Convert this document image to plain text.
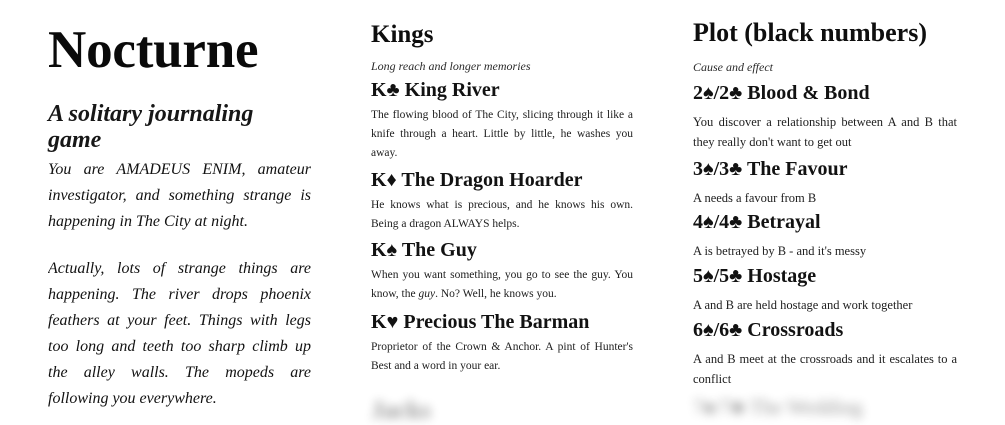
Nocturne
A solitary journaling game

You are AMADEUS ENIM, amateur investigator, and something strange is happening in The City at night.

Actually, lots of strange things are happening. The river drops phoenix feathers at your feet. Things with legs too long and teeth too sharp climb up the alley walls. The mopeds are following you everywhere.

Kings

Long reach and longer memories

K♣ King River

The flowing blood of The City, slicing through it like a knife through a heart. Little by little, he washes you away.

K♦ The Dragon Hoarder

He knows what is precious, and he knows his own. Being a dragon ALWAYS helps.

K♠ The Guy

When you want something, you go to see the guy. You know, the guy. No? Well, he knows you.

K♥ Precious The Barman

Proprietor of the Crown & Anchor. A pint of Hunter's Best and a word in your ear.

Jacks
Plot (black numbers)

Cause and effect

2♠/2♣ Blood & Bond

You discover a relationship between A and B that they really don't want to get out

3♠/3♣ The Favour

A needs a favour from B

4♠/4♣ Betrayal

A is betrayed by B - and it's messy

5♠/5♣ Hostage

A and B are held hostage and work together

6♠/6♣ Crossroads

A and B meet at the crossroads and it escalates to a conflict

7♠/7♣ The Wedding
